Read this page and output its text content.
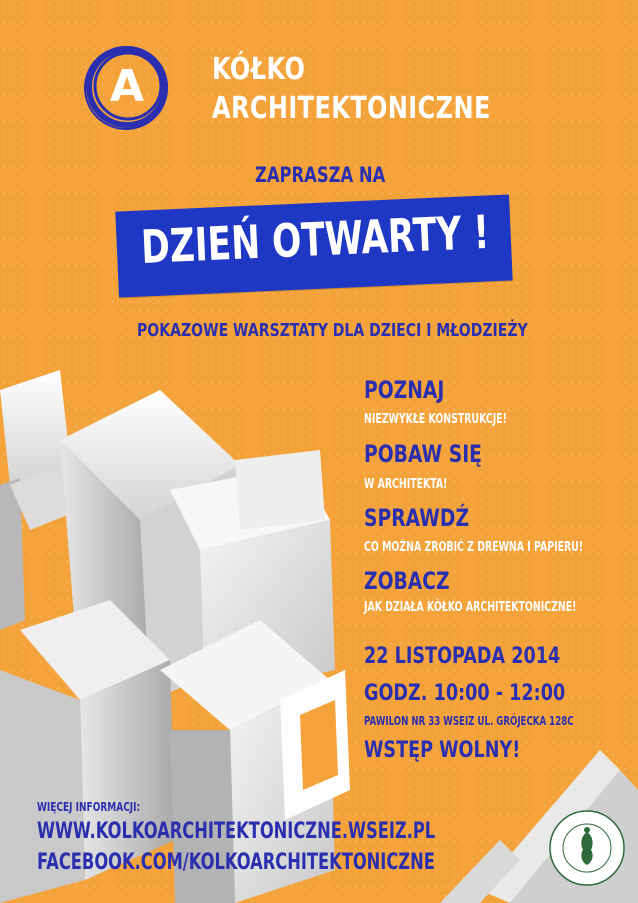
A	KÓŁKO
ARCHITEKTONICZNE
ZAPRASZA NA
DZIEŃ OTWARTY !
POKAZOWE WARSZTATY DLA DZIECI I MŁODZIEŻY
POZNAJ
NIEZWYKŁE KONSTRUKCJE!
POBAW SIĘ
W ARCHITEKTA!
SPRAWDŹ
CO MOŻNA ZROBIĆ Z DREWNA I PAPIERU!
ZOBACZ
JAK DZIAŁA KÓŁKO ARCHITEKTONICZNE!
22 LISTOPADA 2014
GODZ. 10:00 - 12:00
PAWILON NR 33 WSEIZ UL. GRÓJECKA 128C
WSTĘP WOLNY!
WIĘCEJ INFORMACJI:
WWW.KOLKOARCHITEKTONICZNE.WSEIZ.PL
FACEBOOK.COM/KOLKOARCHITEKTONICZNE
